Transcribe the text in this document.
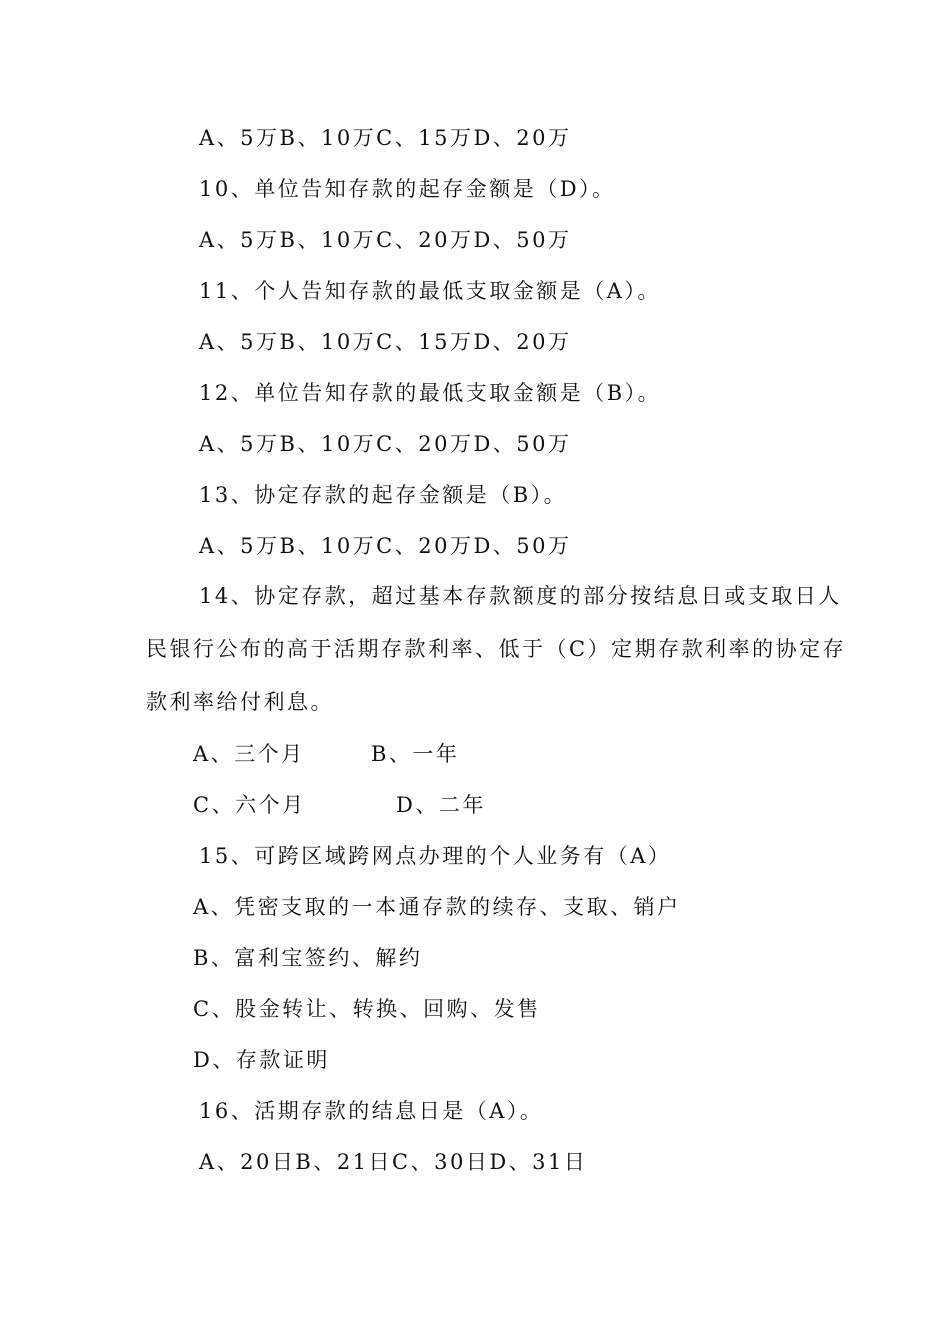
A、5万B、10万C、15万D、20万
10、单位告知存款的起存金额是（D）。
A、5万B、10万C、20万D、50万
11、个人告知存款的最低支取金额是（A）。
A、5万B、10万C、15万D、20万
12、单位告知存款的最低支取金额是（B）。
A、5万B、10万C、20万D、50万
13、协定存款的起存金额是（B）。
A、5万B、10万C、20万D、50万
14、协定存款，超过基本存款额度的部分按结息日或支取日人
民银行公布的高于活期存款利率、低于（C）定期存款利率的协定存
款利率给付利息。
A、三个月	B、一年
C、六个月	D、二年
15、可跨区域跨网点办理的个人业务有（A）
A、凭密支取的一本通存款的续存、支取、销户
B、富利宝签约、解约
C、股金转让、转换、回购、发售
D、存款证明
16、活期存款的结息日是（A）。
A、20日B、21日C、30日D、31日
